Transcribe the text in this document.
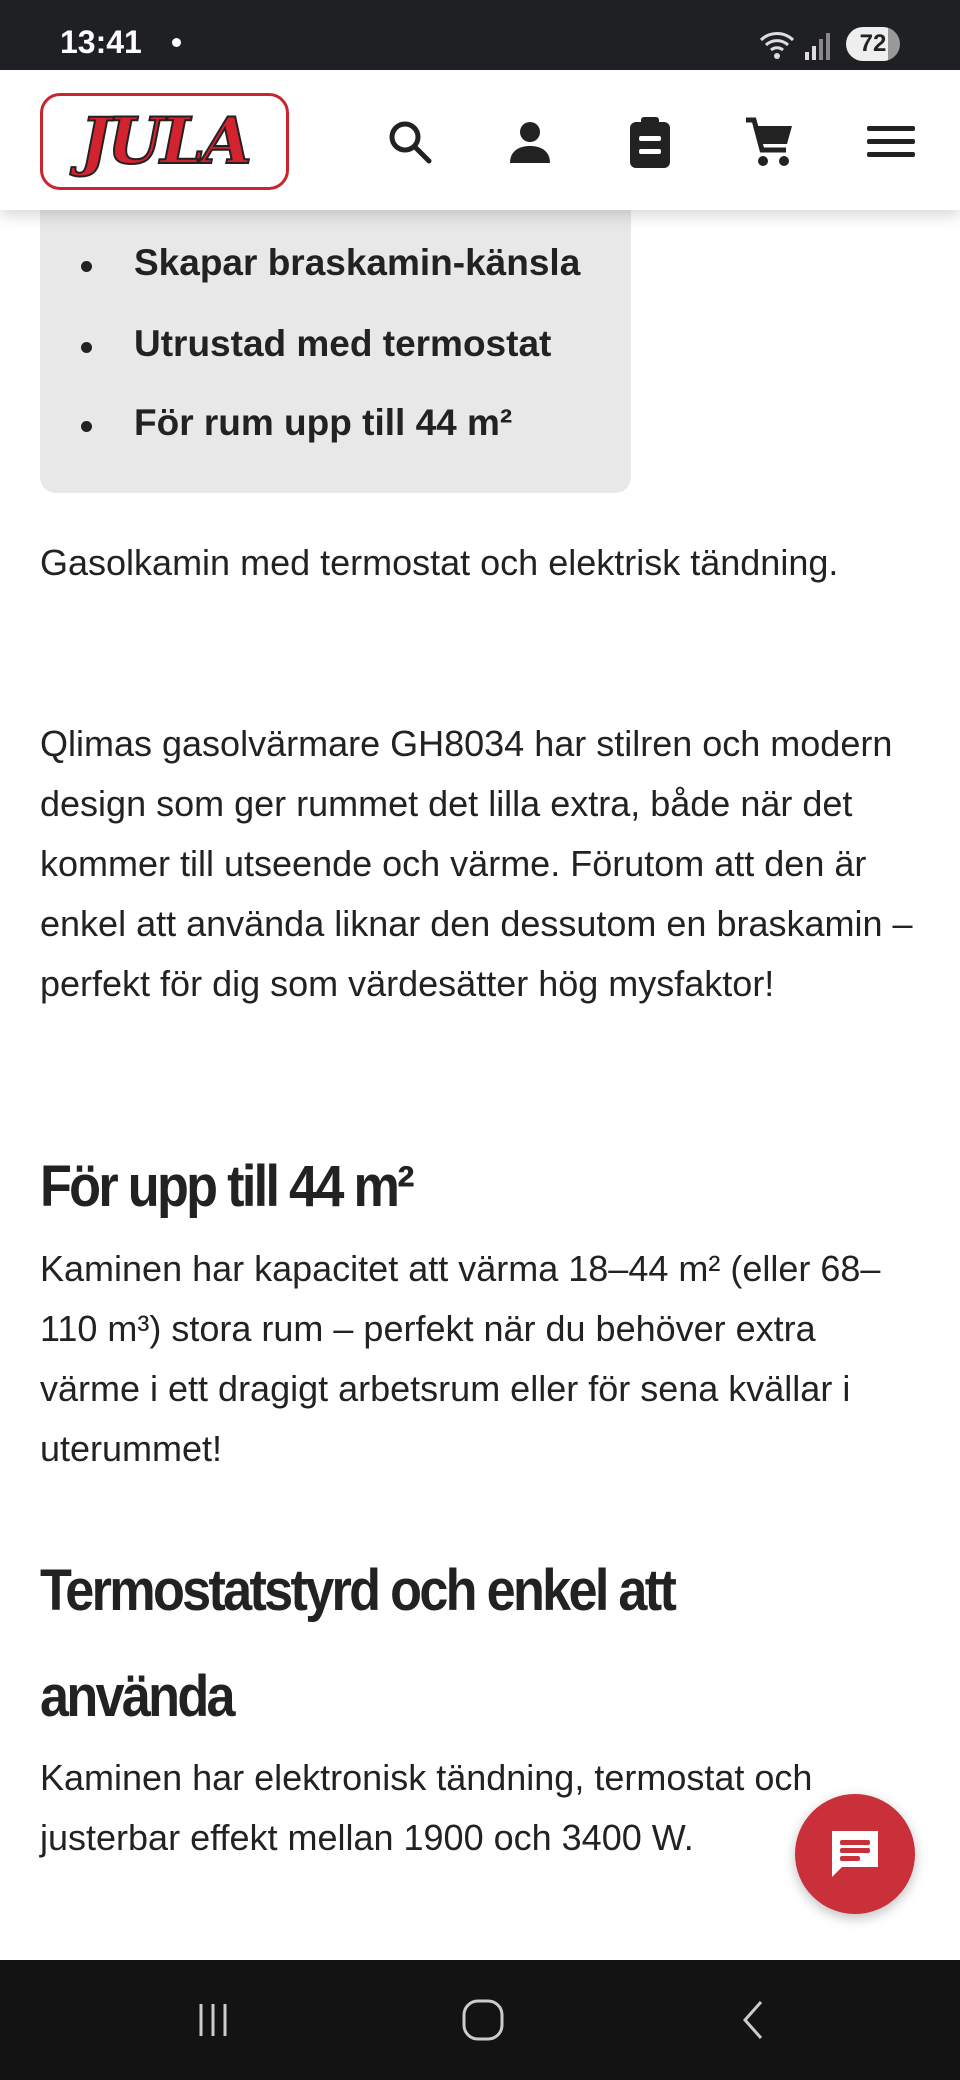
13:41	72
JULA
Skapar braskamin-känsla
Utrustad med termostat
För rum upp till 44 m²

Gasolkamin med termostat och elektrisk tändning.

Qlimas gasolvärmare GH8034 har stilren och modern design som ger rummet det lilla extra, både när det kommer till utseende och värme. Förutom att den är enkel att använda liknar den dessutom en braskamin – perfekt för dig som värdesätter hög mysfaktor!

För upp till 44 m²

Kaminen har kapacitet att värma 18–44 m² (eller 68–110 m³) stora rum – perfekt när du behöver extra värme i ett dragigt arbetsrum eller för sena kvällar i uterummet!

Termostatstyrd och enkel att använda

Kaminen har elektronisk tändning, termostat och justerbar effekt mellan 1900 och 3400 W.
